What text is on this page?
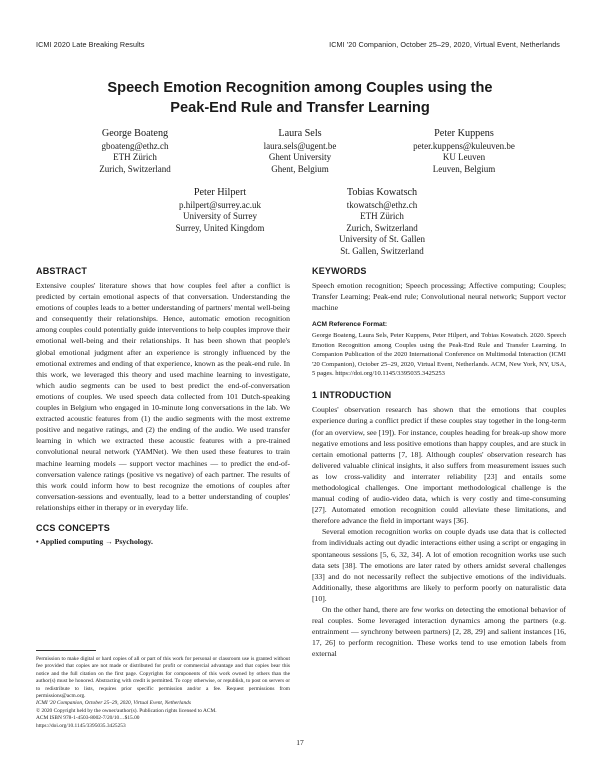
ICMI 2020 Late Breaking Results	ICMI '20 Companion, October 25–29, 2020, Virtual Event, Netherlands
Speech Emotion Recognition among Couples using the
Peak-End Rule and Transfer Learning
George Boateng
gboateng@ethz.ch
ETH Zürich
Zurich, Switzerland
Laura Sels
laura.sels@ugent.be
Ghent University
Ghent, Belgium
Peter Kuppens
peter.kuppens@kuleuven.be
KU Leuven
Leuven, Belgium
Peter Hilpert
p.hilpert@surrey.ac.uk
University of Surrey
Surrey, United Kingdom
Tobias Kowatsch
tkowatsch@ethz.ch
ETH Zürich
Zurich, Switzerland
University of St. Gallen
St. Gallen, Switzerland
ABSTRACT

Extensive couples' literature shows that how couples feel after a conflict is predicted by certain emotional aspects of that conversation. Understanding the emotions of couples leads to a better understanding of partners' mental well-being and consequently their relationships. Hence, automatic emotion recognition among couples could potentially guide interventions to help couples improve their emotional well-being and their relationships. It has been shown that people's global emotional judgment after an experience is strongly influenced by the emotional extremes and ending of that experience, known as the peak-end rule. In this work, we leveraged this theory and used machine learning to investigate, which audio segments can be used to best predict the end-of-conversation emotions of couples. We used speech data collected from 101 Dutch-speaking couples in Belgium who engaged in 10-minute long conversations in the lab. We extracted acoustic features from (1) the audio segments with the most extreme positive and negative ratings, and (2) the ending of the audio. We used transfer learning in which we extracted these acoustic features with a pre-trained convolutional neural network (YAMNet). We then used these features to train machine learning models — support vector machines — to predict the end-of-conversation valence ratings (positive vs negative) of each partner. The results of this work could inform how to best recognize the emotions of couples after conversation-sessions and eventually, lead to a better understanding of couples' relationships either in therapy or in everyday life.

CCS CONCEPTS
• Applied computing → Psychology.
Permission to make digital or hard copies of all or part of this work for personal or classroom use is granted without fee provided that copies are not made or distributed for profit or commercial advantage and that copies bear this notice and the full citation on the first page. Copyrights for components of this work owned by others than the author(s) must be honored. Abstracting with credit is permitted. To copy otherwise, or republish, to post on servers or to redistribute to lists, requires prior specific permission and/or a fee. Request permissions from permissions@acm.org.
ICMI '20 Companion, October 25–29, 2020, Virtual Event, Netherlands
© 2020 Copyright held by the owner/author(s). Publication rights licensed to ACM.
ACM ISBN 978-1-4503-8002-7/20/10…$15.00
https://doi.org/10.1145/3395035.3425253
KEYWORDS

Speech emotion recognition; Speech processing; Affective computing; Couples; Transfer Learning; Peak-end rule; Convolutional neural network; Support vector machine

ACM Reference Format:

George Boateng, Laura Sels, Peter Kuppens, Peter Hilpert, and Tobias Kowatsch. 2020. Speech Emotion Recognition among Couples using the Peak-End Rule and Transfer Learning. In Companion Publication of the 2020 International Conference on Multimodal Interaction (ICMI '20 Companion), October 25–29, 2020, Virtual Event, Netherlands. ACM, New York, NY, USA, 5 pages. https://doi.org/10.1145/3395035.3425253

1 INTRODUCTION

Couples' observation research has shown that the emotions that couples experience during a conflict predict if these couples stay together in the long-term (for an overview, see [19]). For instance, couples heading for break-up show more negative emotions and less positive emotions than happy couples, and are stuck in certain emotional patterns [7, 18]. Although couples' observation research has delivered valuable clinical insights, it also suffers from measurement issues such as low cross-validity and interrater reliability [23] and entails some methodological challenges. One important methodological challenge is the manual coding of audio-video data, which is very costly and time-consuming [27]. Automated emotion recognition could alleviate these limitations, and therefore advance the field in important ways [36].

Several emotion recognition works on couple dyads use data that is collected from individuals acting out dyadic interactions either using a script or engaging in spontaneous sessions [5, 6, 32, 34]. A lot of emotion recognition works use such data sets [38]. The emotions are later rated by others amidst several challenges [33] and do not necessarily reflect the subjective emotions of the individuals. Additionally, these algorithms are likely to perform poorly on naturalistic data [10].

On the other hand, there are few works on detecting the emotional behavior of real couples. Some leveraged interaction dynamics among the partners (e.g. entrainment — synchrony between partners) [2, 28, 29] and salient instances [16, 17, 26] to perform recognition. These works tend to use emotion labels from external

17
